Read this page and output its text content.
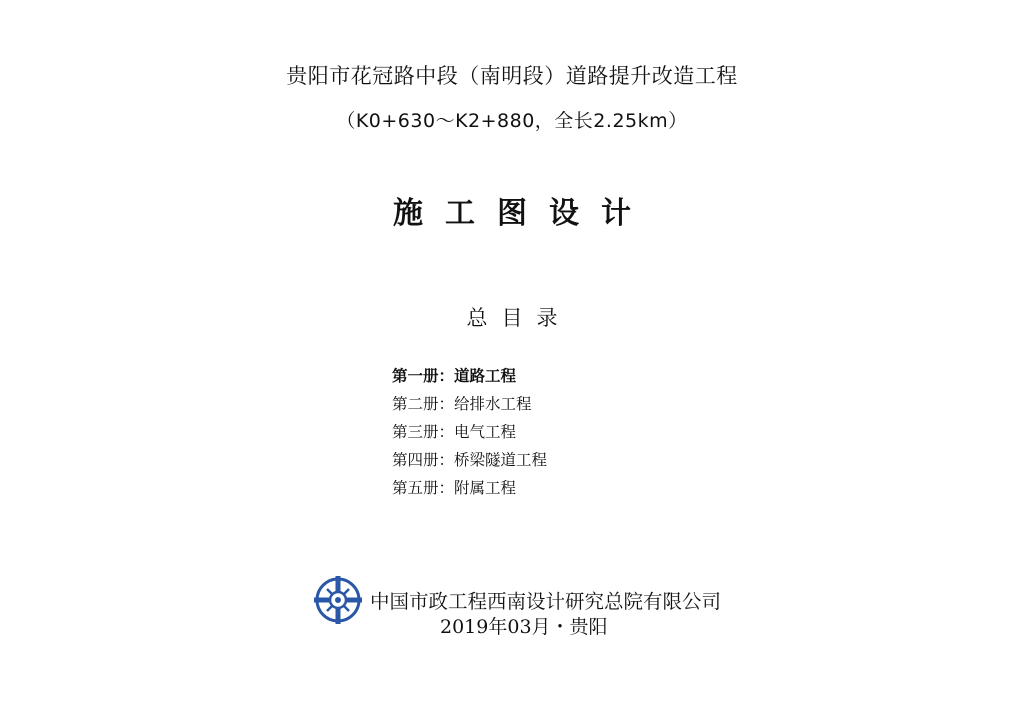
贵阳市花冠路中段（南明段）道路提升改造工程
（K0+630～K2+880，全长2.25km）
施工图设计
总目录
第一册：道路工程
第二册：给排水工程
第三册：电气工程
第四册：桥梁隧道工程
第五册：附属工程
中国市政工程西南设计研究总院有限公司
2019年03月・贵阳
